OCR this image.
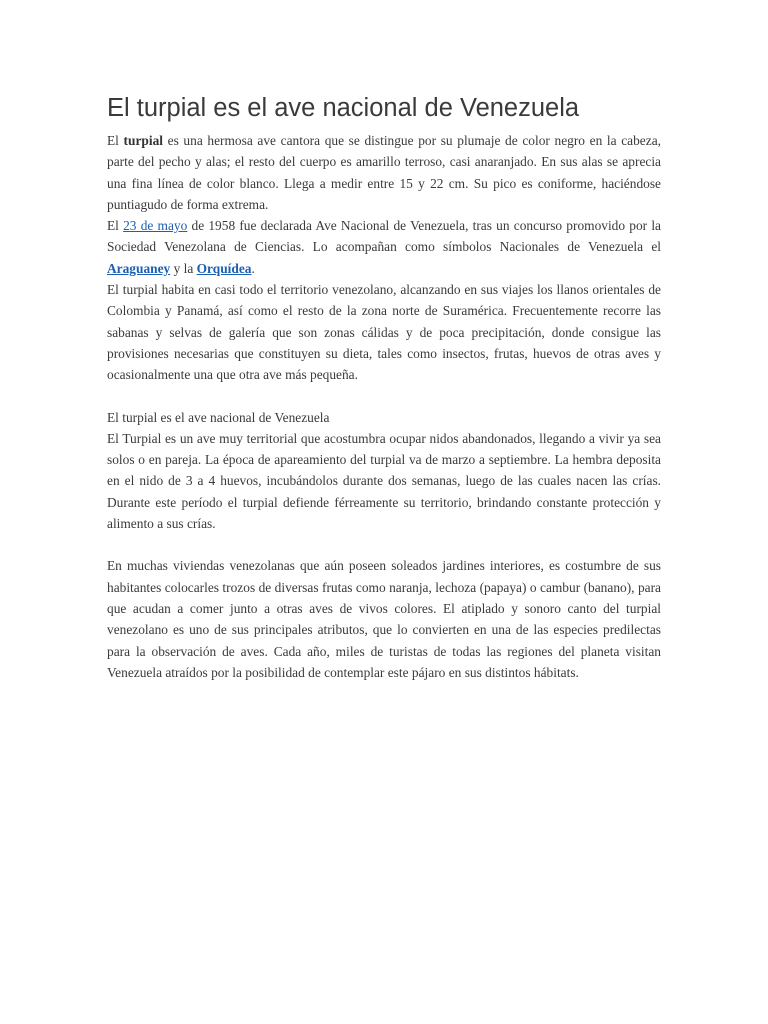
El turpial es el ave nacional de Venezuela

El turpial es una hermosa ave cantora que se distingue por su plumaje de color negro en la cabeza, parte del pecho y alas; el resto del cuerpo es amarillo terroso, casi anaranjado. En sus alas se aprecia una fina línea de color blanco. Llega a medir entre 15 y 22 cm. Su pico es coniforme, haciéndose puntiagudo de forma extrema.

El 23 de mayo de 1958 fue declarada Ave Nacional de Venezuela, tras un concurso promovido por la Sociedad Venezolana de Ciencias. Lo acompañan como símbolos Nacionales de Venezuela el Araguaney y la Orquídea.

El turpial habita en casi todo el territorio venezolano, alcanzando en sus viajes los llanos orientales de Colombia y Panamá, así como el resto de la zona norte de Suramérica. Frecuentemente recorre las sabanas y selvas de galería que son zonas cálidas y de poca precipitación, donde consigue las provisiones necesarias que constituyen su dieta, tales como insectos, frutas, huevos de otras aves y ocasionalmente una que otra ave más pequeña.

El turpial es el ave nacional de Venezuela

El Turpial es un ave muy territorial que acostumbra ocupar nidos abandonados, llegando a vivir ya sea solos o en pareja. La época de apareamiento del turpial va de marzo a septiembre. La hembra deposita en el nido de 3 a 4 huevos, incubándolos durante dos semanas, luego de las cuales nacen las crías. Durante este período el turpial defiende férreamente su territorio, brindando constante protección y alimento a sus crías.

En muchas viviendas venezolanas que aún poseen soleados jardines interiores, es costumbre de sus habitantes colocarles trozos de diversas frutas como naranja, lechoza (papaya) o cambur (banano), para que acudan a comer junto a otras aves de vivos colores. El atiplado y sonoro canto del turpial venezolano es uno de sus principales atributos, que lo convierten en una de las especies predilectas para la observación de aves. Cada año, miles de turistas de todas las regiones del planeta visitan Venezuela atraídos por la posibilidad de contemplar este pájaro en sus distintos hábitats.
